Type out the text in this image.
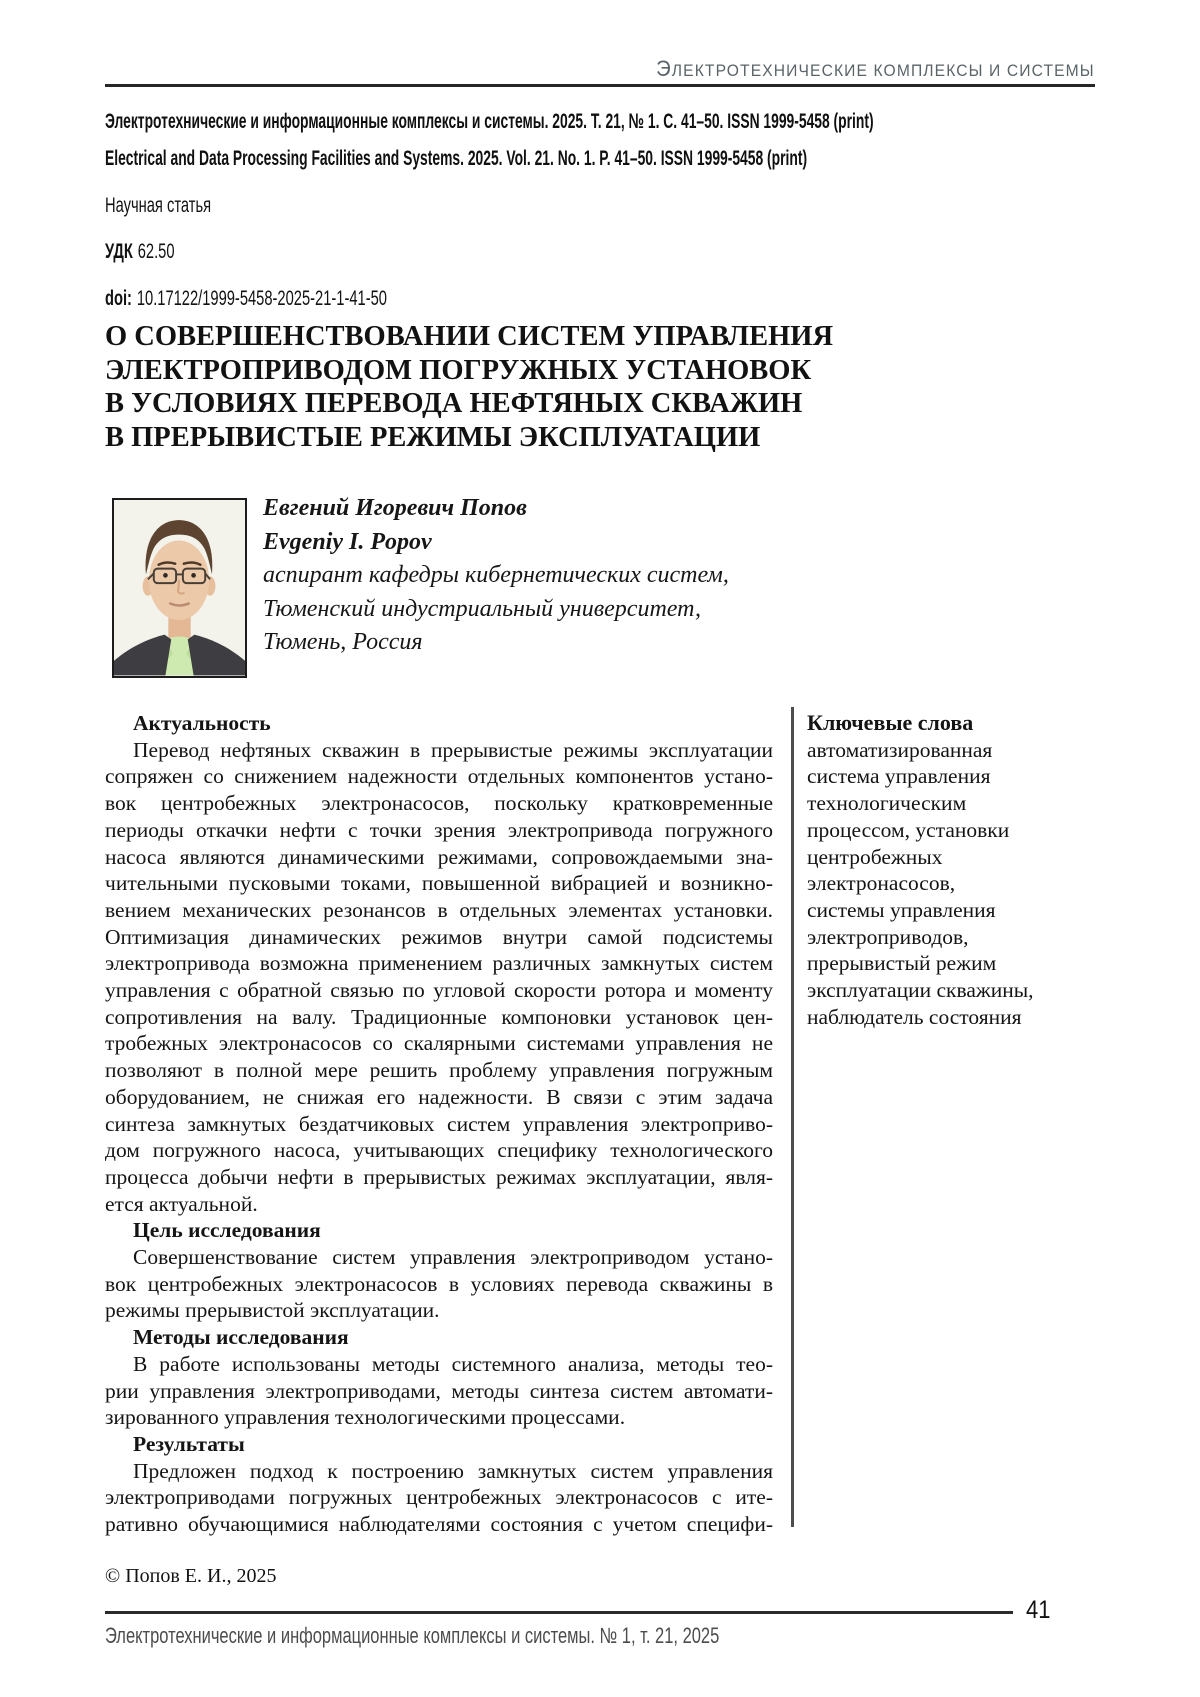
ЭЛЕКТРОТЕХНИЧЕСКИЕ КОМПЛЕКСЫ И СИСТЕМЫ
Электротехнические и информационные комплексы и системы. 2025. Т. 21, № 1. С. 41–50. ISSN 1999-5458 (print)
Electrical and Data Processing Facilities and Systems. 2025. Vol. 21. No. 1. P. 41–50. ISSN 1999-5458 (print)
Научная статья
УДК 62.50
doi: 10.17122/1999-5458-2025-21-1-41-50
О СОВЕРШЕНСТВОВАНИИ СИСТЕМ УПРАВЛЕНИЯ
ЭЛЕКТРОПРИВОДОМ ПОГРУЖНЫХ УСТАНОВОК
В УСЛОВИЯХ ПЕРЕВОДА НЕФТЯНЫХ СКВАЖИН
В ПРЕРЫВИСТЫЕ РЕЖИМЫ ЭКСПЛУАТАЦИИ
Евгений Игоревич Попов
Evgeniy I. Popov
аспирант кафедры кибернетических систем,
Тюменский индустриальный университет,
Тюмень, Россия
Актуальность
Перевод нефтяных скважин в прерывистые режимы эксплуатации
сопряжен со снижением надежности отдельных компонентов устано-
вок центробежных электронасосов, поскольку кратковременные
периоды откачки нефти с точки зрения электропривода погружного
насоса являются динамическими режимами, сопровождаемыми зна-
чительными пусковыми токами, повышенной вибрацией и возникно-
вением механических резонансов в отдельных элементах установки.
Оптимизация динамических режимов внутри самой подсистемы
электропривода возможна применением различных замкнутых систем
управления с обратной связью по угловой скорости ротора и моменту
сопротивления на валу. Традиционные компоновки установок цен-
тробежных электронасосов со скалярными системами управления не
позволяют в полной мере решить проблему управления погружным
оборудованием, не снижая его надежности. В связи с этим задача
синтеза замкнутых бездатчиковых систем управления электроприво-
дом погружного насоса, учитывающих специфику технологического
процесса добычи нефти в прерывистых режимах эксплуатации, явля-
ется актуальной.
Цель исследования
Совершенствование систем управления электроприводом устано-
вок центробежных электронасосов в условиях перевода скважины в
режимы прерывистой эксплуатации.
Методы исследования
В работе использованы методы системного анализа, методы тео-
рии управления электроприводами, методы синтеза систем автомати-
зированного управления технологическими процессами.
Результаты
Предложен подход к построению замкнутых систем управления
электроприводами погружных центробежных электронасосов с ите-
ративно обучающимися наблюдателями состояния с учетом специфи-
Ключевые слова
автоматизированная
система управления
технологическим
процессом, установки
центробежных
электронасосов,
системы управления
электроприводов,
прерывистый режим
эксплуатации скважины,
наблюдатель состояния
© Попов Е. И., 2025
41
Электротехнические и информационные комплексы и системы. № 1, т. 21, 2025
